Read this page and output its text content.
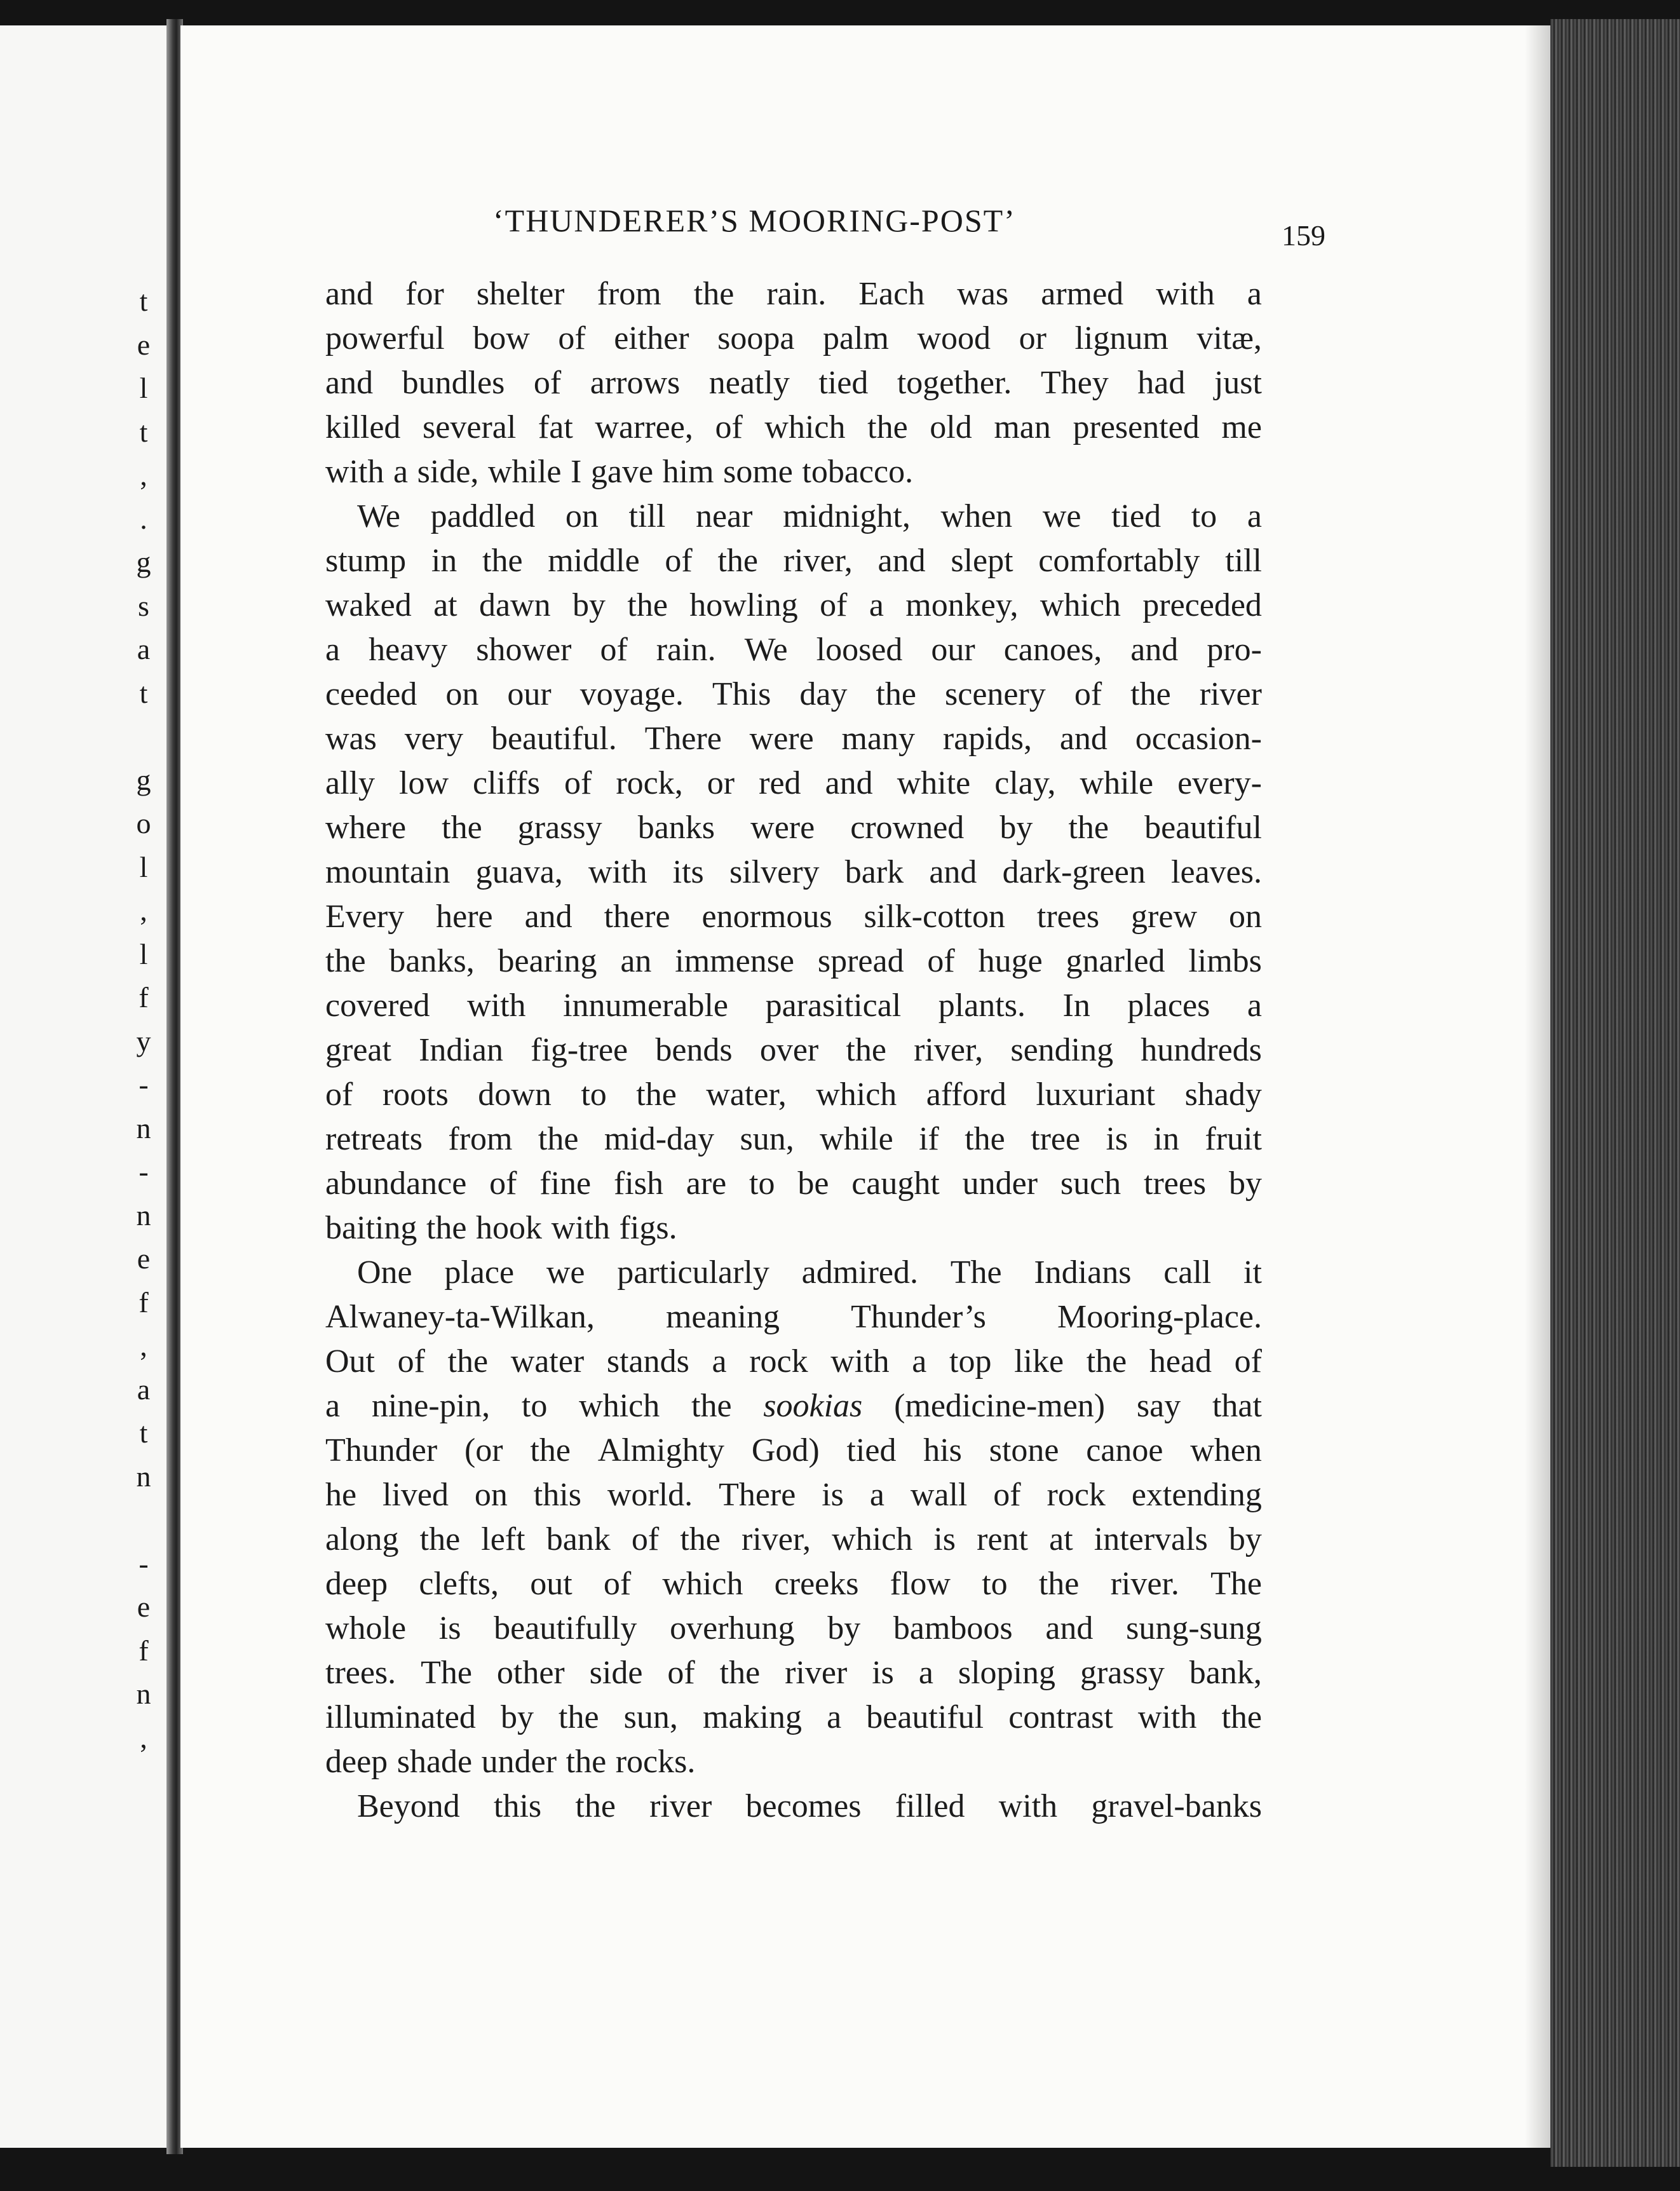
t
e
l
t
,
.
g
s
a
t
g
o
l
,
l
f
y
-
n
-
n
e
f
,
a
t
n
-
e
f
n
,
‘THUNDERER’S MOORING-POST’	159
and for shelter from the rain. Each was armed with a
powerful bow of either soopa palm wood or lignum vitæ,
and bundles of arrows neatly tied together. They had just
killed several fat warree, of which the old man presented me
with a side, while I gave him some tobacco.
We paddled on till near midnight, when we tied to a
stump in the middle of the river, and slept comfortably till
waked at dawn by the howling of a monkey, which preceded
a heavy shower of rain. We loosed our canoes, and pro-
ceeded on our voyage. This day the scenery of the river
was very beautiful. There were many rapids, and occasion-
ally low cliffs of rock, or red and white clay, while every-
where the grassy banks were crowned by the beautiful
mountain guava, with its silvery bark and dark-green leaves.
Every here and there enormous silk-cotton trees grew on
the banks, bearing an immense spread of huge gnarled limbs
covered with innumerable parasitical plants. In places a
great Indian fig-tree bends over the river, sending hundreds
of roots down to the water, which afford luxuriant shady
retreats from the mid-day sun, while if the tree is in fruit
abundance of fine fish are to be caught under such trees by
baiting the hook with figs.
One place we particularly admired. The Indians call it
Alwaney-ta-Wilkan, meaning Thunder’s Mooring-place.
Out of the water stands a rock with a top like the head of
a nine-pin, to which the sookias (medicine-men) say that
Thunder (or the Almighty God) tied his stone canoe when
he lived on this world. There is a wall of rock extending
along the left bank of the river, which is rent at intervals by
deep clefts, out of which creeks flow to the river. The
whole is beautifully overhung by bamboos and sung-sung
trees. The other side of the river is a sloping grassy bank,
illuminated by the sun, making a beautiful contrast with the
deep shade under the rocks.
Beyond this the river becomes filled with gravel-banks
